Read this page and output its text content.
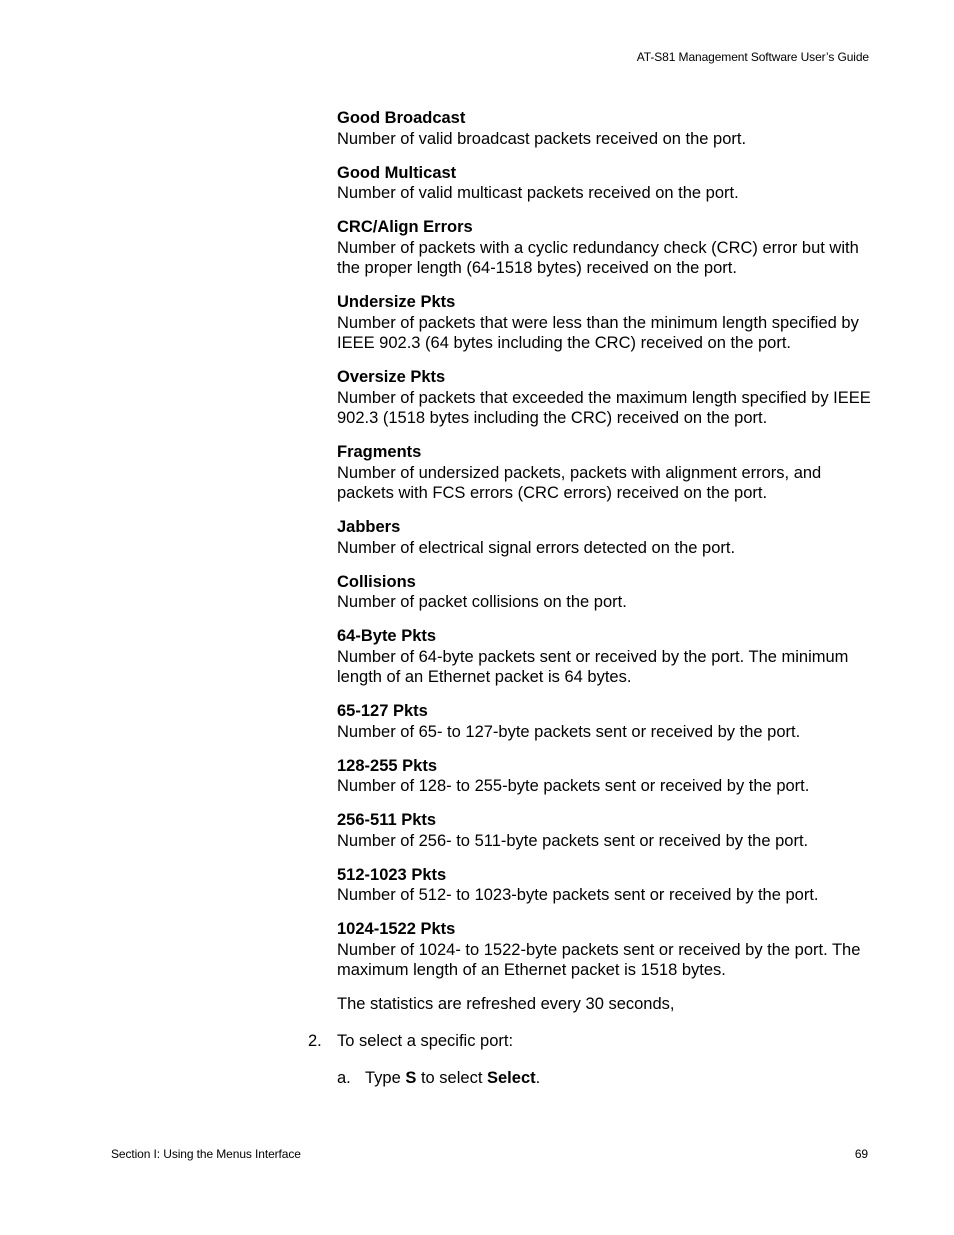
AT-S81 Management Software User’s Guide
Good Broadcast
Number of valid broadcast packets received on the port.
Good Multicast
Number of valid multicast packets received on the port.
CRC/Align Errors
Number of packets with a cyclic redundancy check (CRC) error but with the proper length (64-1518 bytes) received on the port.
Undersize Pkts
Number of packets that were less than the minimum length specified by IEEE 902.3 (64 bytes including the CRC) received on the port.
Oversize Pkts
Number of packets that exceeded the maximum length specified by IEEE 902.3 (1518 bytes including the CRC) received on the port.
Fragments
Number of undersized packets, packets with alignment errors, and packets with FCS errors (CRC errors) received on the port.
Jabbers
Number of electrical signal errors detected on the port.
Collisions
Number of packet collisions on the port.
64-Byte Pkts
Number of 64-byte packets sent or received by the port. The minimum length of an Ethernet packet is 64 bytes.
65-127 Pkts
Number of 65- to 127-byte packets sent or received by the port.
128-255 Pkts
Number of 128- to 255-byte packets sent or received by the port.
256-511 Pkts
Number of 256- to 511-byte packets sent or received by the port.
512-1023 Pkts
Number of 512- to 1023-byte packets sent or received by the port.
1024-1522 Pkts
Number of 1024- to 1522-byte packets sent or received by the port. The maximum length of an Ethernet packet is 1518 bytes.
The statistics are refreshed every 30 seconds,
2. To select a specific port:
a. Type S to select Select.
Section I: Using the Menus Interface	69
